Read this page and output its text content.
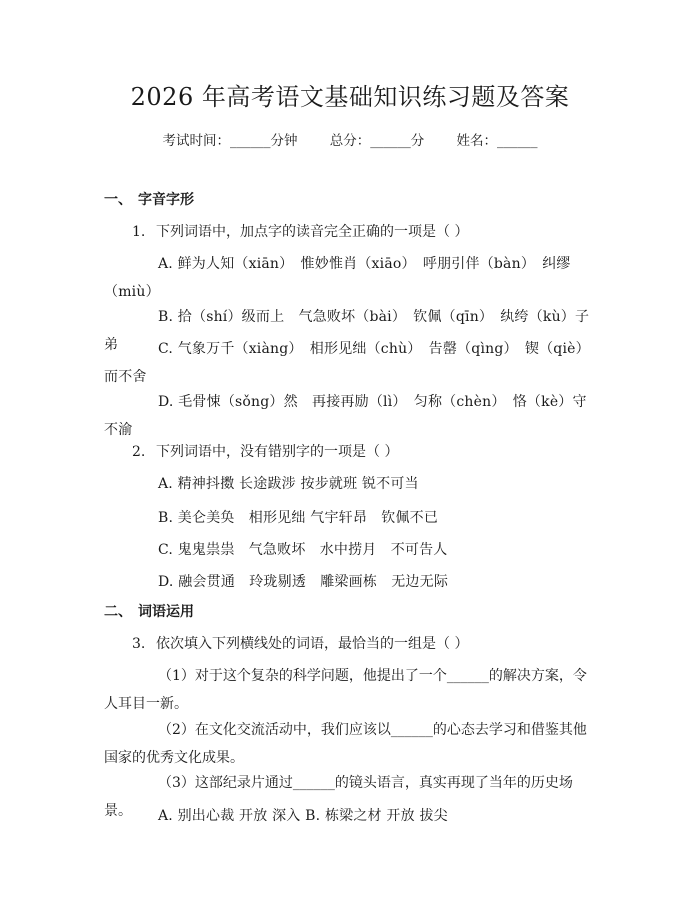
2026 年高考语文基础知识练习题及答案
考试时间：______分钟 总分：______分 姓名：______
一、 字音字形
1. 下列词语中，加点字的读音完全正确的一项是（ ）
A. 鲜为人知（xiān）　惟妙惟肖（xiāo）　呼朋引伴（bàn）　纠缪（miù）
B. 拾（shí）级而上　气急败坏（bài）　钦佩（qīn）　纨绔（kù）子弟	C. 气象万千（xiàng）　相形见绌（chù）　告罄（qìng）　锲（qiè）而不舍
D. 毛骨悚（sǒng）然　再接再励（lì）　匀称（chèn）　恪（kè）守不渝
2. 下列词语中，没有错别字的一项是（ ）
A. 精神抖擞 长途跋涉 按步就班 锐不可当
B. 美仑美奂　相形见绌 气宇轩昂　钦佩不已
C. 鬼鬼祟祟　气急败坏　水中捞月　不可告人
D. 融会贯通　玲珑剔透　雕梁画栋　无边无际
二、 词语运用
3. 依次填入下列横线处的词语，最恰当的一组是（ ）
（1）对于这个复杂的科学问题，他提出了一个______的解决方案，令人耳目一新。
（2）在文化交流活动中，我们应该以______的心态去学习和借鉴其他国家的优秀文化成果。
（3）这部纪录片通过______的镜头语言，真实再现了当年的历史场景。	A. 别出心裁 开放 深入 B. 栋梁之材 开放 拔尖
